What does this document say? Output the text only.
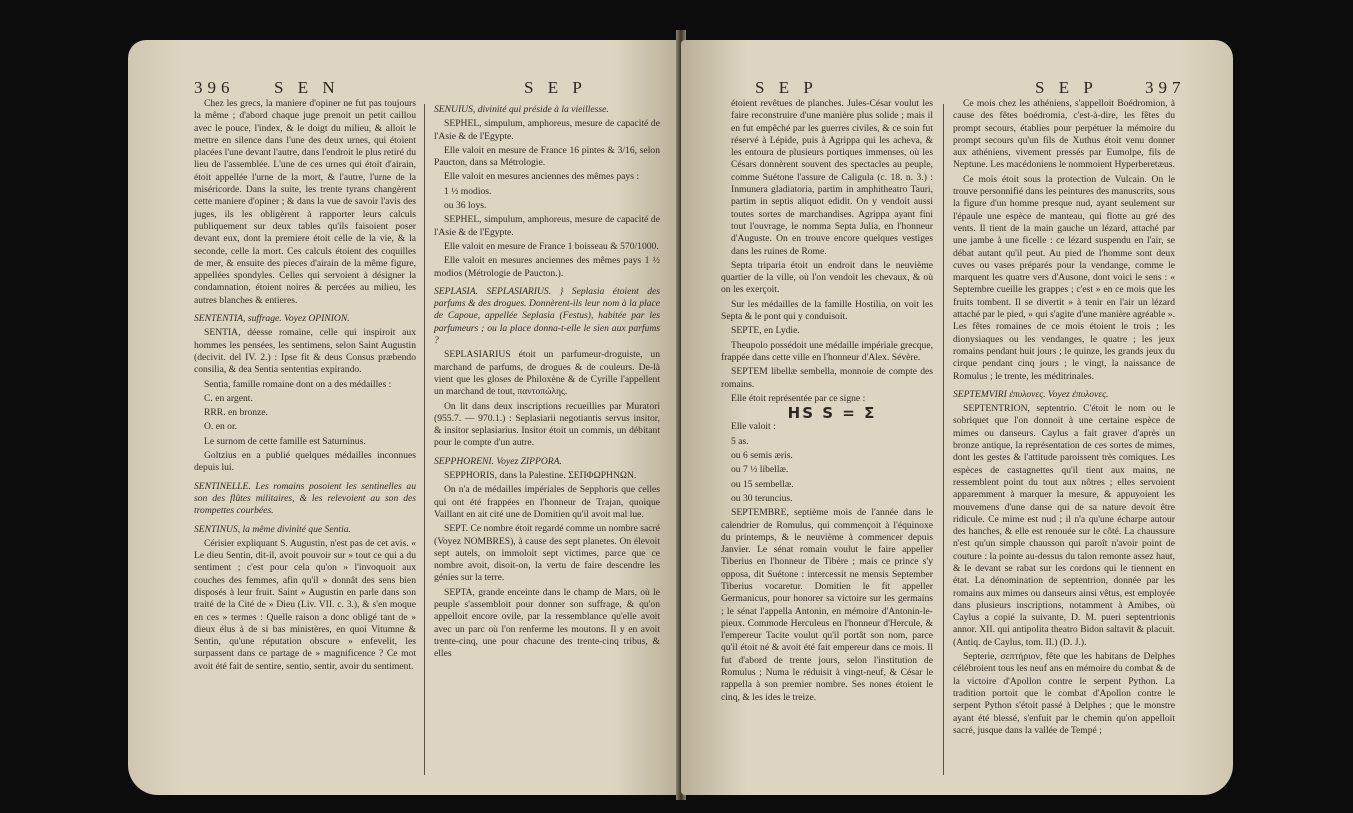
396 S E N	S E P

Chez les grecs, la maniere d'opiner ne fut pas toujours la même ; d'abord chaque juge prenoit un petit caillou avec le pouce, l'index, & le doigt du milieu, & alloit le mettre en silence dans l'une des deux urnes, qui étoient placées l'une devant l'autre, dans l'endroit le plus retiré du lieu de l'assemblée. L'une de ces urnes qui étoit d'airain, étoit appellée l'urne de la mort, & l'autre, l'urne de la miséricorde. Dans la suite, les trente tyrans changèrent cette maniere d'opiner ; & dans la vue de savoir l'avis des juges, ils les obligèrent à rapporter leurs calculs publiquement sur deux tables qu'ils faisoient poser devant eux, dont la premiere étoit celle de la vie, & la seconde, celle la mort. Ces calculs étoient des coquilles de mer, & ensuite des pieces d'airain de la même figure, appellées spondyles. Celles qui servoient à désigner la condamnation, étoient noires & percées au milieu, les autres blanches & entieres.

SENTENTIA, suffrage. Voyez OPINION.

SENTIA, déesse romaine, celle qui inspiroit aux hommes les pensées, les sentimens, selon Saint Augustin (decivit. del IV. 2.) : Ipse fit & deus Consus præbendo consilia, & dea Sentia sententias expirando.

Sentia, famille romaine dont on a des médailles :

C. en argent.

RRR. en bronze.

O. en or.

Le surnom de cette famille est Saturninus.

Goltzius en a publié quelques médailles inconnues depuis lui.

SENTINELLE. Les romains posoient les sentinelles au son des flûtes militaires, & les relevoient au son des trompettes courbées.

SENTINUS, la même divinité que Sentia.

Cérisier expliquant S. Augustin, n'est pas de cet avis. « Le dieu Sentin, dit-il, avoit pouvoir sur » tout ce qui a du sentiment ; c'est pour cela qu'on » l'invoquoit aux couches des femmes, afin qu'il » donnât des sens bien disposés à leur fruit. Saint » Augustin en parle dans son traité de la Cité de » Dieu (Liv. VII. c. 3.), & s'en moque en ces » termes : Quelle raison a donc obligé tant de » dieux élus à de si bas ministères, en quoi Vitumne & Sentin, qu'une réputation obscure » enfevelit, les surpassent dans ce partage de » magnificence ? Ce mot avoit été fait de sentire, sentio, sentir, avoir du sentiment.

SENUIUS, divinité qui préside à la vieillesse.

SEPHEL, simpulum, amphoreus, mesure de capacité de l'Asie & de l'Egypte.

Elle valoit en mesure de France 16 pintes & 3/16, selon Paucton, dans sa Métrologie.

Elle valoit en mesures anciennes des mêmes pays :

1 ½ modios.

ou 36 loys.

SEPHEL, simpulum, amphoreus, mesure de capacité de l'Asie & de l'Egypte.

Elle valoit en mesure de France 1 boisseau & 570/1000.

Elle valoit en mesures anciennes des mêmes pays 1 ½ modios (Métrologie de Paucton.).

SEPLASIA. SEPLASIARIUS. } Seplasia étoient des parfums & des drogues. Donnèrent-ils leur nom à la place de Capoue, appellée Seplasia (Festus), habitée par les parfumeurs ; ou la place donna-t-elle le sien aux parfums ?

SEPLASIARIUS étoit un parfumeur-droguiste, un marchand de parfums, de drogues & de couleurs. De-là vient que les gloses de Philoxène & de Cyrille l'appellent un marchand de tout, παντοπώλης.

On lit dans deux inscriptions recueillies par Muratori (955.7. — 970.1.) : Seplasiarii negotiantis servus insitor, & insitor seplasiarius. Insitor étoit un commis, un débitant pour le compte d'un autre.

SEPPHORENI. Voyez ZIPPORA.

SEPPHORIS, dans la Palestine. ΣΕΠΦΩΡΗΝΩΝ.

On n'a de médailles impériales de Sepphoris que celles qui ont été frappées en l'honneur de Trajan, quoique Vaillant en ait cité une de Domitien qu'il avoit mal lue.

SEPT. Ce nombre étoit regardé comme un nombre sacré (Voyez NOMBRES), à cause des sept planetes. On élevoit sept autels, on immoloit sept victimes, parce que ce nombre avoit, disoit-on, la vertu de faire descendre les génies sur la terre.

SEPTA, grande enceinte dans le champ de Mars, où le peuple s'assembloit pour donner son suffrage, & qu'on appelloit encore ovile, par la ressemblance qu'elle avoit avec un parc où l'on renferme les moutons. Il y en avoit trente-cinq, une pour chacune des trente-cinq tribus, & elles

S E P	S E P	397

étoient revêtues de planches. Jules-César voulut les faire reconstruire d'une manière plus solide ; mais il en fut empêché par les guerres civiles, & ce soin fut réservé à Lépide, puis à Agrippa qui les acheva, & les entoura de plusieurs portiques immenses, où les Césars donnèrent souvent des spectacles au peuple, comme Suétone l'assure de Caligula (c. 18. n. 3.) : Inmunera gladiatoria, partim in amphitheatro Tauri, partim in septis aliquot edidit. On y vendoit aussi toutes sortes de marchandises. Agrippa ayant fini tout l'ouvrage, le nomma Septa Julia, en l'honneur d'Auguste. On en trouve encore quelques vestiges dans les ruines de Rome.

Septa triparia étoit un endroit dans le neuvième quartier de la ville, où l'on vendoit les chevaux, & où on les exerçoit.

Sur les médailles de la famille Hostilia, on voit les Septa & le pont qui y conduisoit.

SEPTE, en Lydie.

Theupolo possédoit une médaille impériale grecque, frappée dans cette ville en l'honneur d'Alex. Sévère.

SEPTEM libellæ sembella, monnoie de compte des romains.

Elle étoit représentée par ce signe :

HS S = Σ

Elle valoit :

5 as.

ou 6 semis æris.

ou 7 ½ libellæ.

ou 15 sembellæ.

ou 30 teruncius.

SEPTEMBRE, septième mois de l'année dans le calendrier de Romulus, qui commençoit à l'équinoxe du printemps, & le neuvième à commencer depuis Janvier. Le sénat romain voulut le faire appeller Tiberius en l'honneur de Tibère ; mais ce prince s'y opposa, dit Suétone : intercessit ne mensis September Tiberius vocaretur. Domitien le fit appeller Germanicus, pour honorer sa victoire sur les germains ; le sénat l'appella Antonin, en mémoire d'Antonin-le-pieux. Commode Herculeus en l'honneur d'Hercule, & l'empereur Tacite voulut qu'il portât son nom, parce qu'il étoit né & avoit été fait empereur dans ce mois. Il fut d'abord de trente jours, selon l'institution de Romulus ; Numa le réduisit à vingt-neuf, & César le rappella à son premier nombre. Ses nones étoient le cinq, & les ides le treize.

Ce mois chez les athéniens, s'appelloit Boédromion, à cause des fêtes boédromia, c'est-à-dire, les fêtes du prompt secours, établies pour perpétuer la mémoire du prompt secours qu'un fils de Xuthus étoit venu donner aux athéniens, vivement pressés par Eumolpe, fils de Neptune. Les macédoniens le nommoient Hyperberetæus.

Ce mois étoit sous la protection de Vulcain. On le trouve personnifié dans les peintures des manuscrits, sous la figure d'un homme presque nud, ayant seulement sur l'épaule une espèce de manteau, qui flotte au gré des vents. Il tient de la main gauche un lézard, attaché par une jambe à une ficelle : ce lézard suspendu en l'air, se débat autant qu'il peut. Au pied de l'homme sont deux cuves ou vases préparés pour la vendange, comme le marquent les quatre vers d'Ausone, dont voici le sens : « Septembre cueille les grappes ; c'est » en ce mois que les fruits tombent. Il se divertit » à tenir en l'air un lézard attaché par le pied, » qui s'agite d'une manière agréable ». Les fêtes romaines de ce mois étoient le trois ; les dionysiaques ou les vendanges, le quatre ; les jeux romains pendant huit jours ; le quinze, les grands jeux du cirque pendant cinq jours ; le vingt, la naissance de Romulus ; le trente, les méditrinales.

SEPTEMVIRI ἐπυλονες. Voyez ἐπυλονες.

SEPTENTRION, septentrio. C'étoit le nom ou le sobriquet que l'on donnoit à une certaine espèce de mimes ou danseurs. Caylus a fait graver d'après un bronze antique, la représentation de ces sortes de mimes, dont les gestes & l'attitude paroissent très comiques. Les espèces de castagnettes qu'il tient aux mains, ne ressemblent point du tout aux nôtres ; elles servoient apparemment à marquer la mesure, & appuyoient les mouvemens d'une danse qui de sa nature devoit être ridicule. Ce mime est nud ; il n'a qu'une écharpe autour des hanches, & elle est renouée sur le côté. La chaussure n'est qu'un simple chausson qui paroît n'avoir point de couture : la pointe au-dessus du talon remonte assez haut, & le devant se rabat sur les cordons qui le tiennent en état. La dénomination de septentrion, donnée par les romains aux mimes ou danseurs ainsi vêtus, est employée dans plusieurs inscriptions, notamment à Amibes, où Caylus a copié la suivante, D. M. pueri septentrionis annor. XII. qui antipolita theatro Bidon saltavit & placuit. (Antiq. de Caylus, tom. II.) (D. J.).

Septerie, σεπτήριον, fête que les habitans de Delphes célébroient tous les neuf ans en mémoire du combat & de la victoire d'Apollon contre le serpent Python. La tradition portoit que le combat d'Apollon contre le serpent Python s'étoit passé à Delphes ; que le monstre ayant été blessé, s'enfuit par le chemin qu'on appelloit sacré, jusque dans la vallée de Tempé ;
